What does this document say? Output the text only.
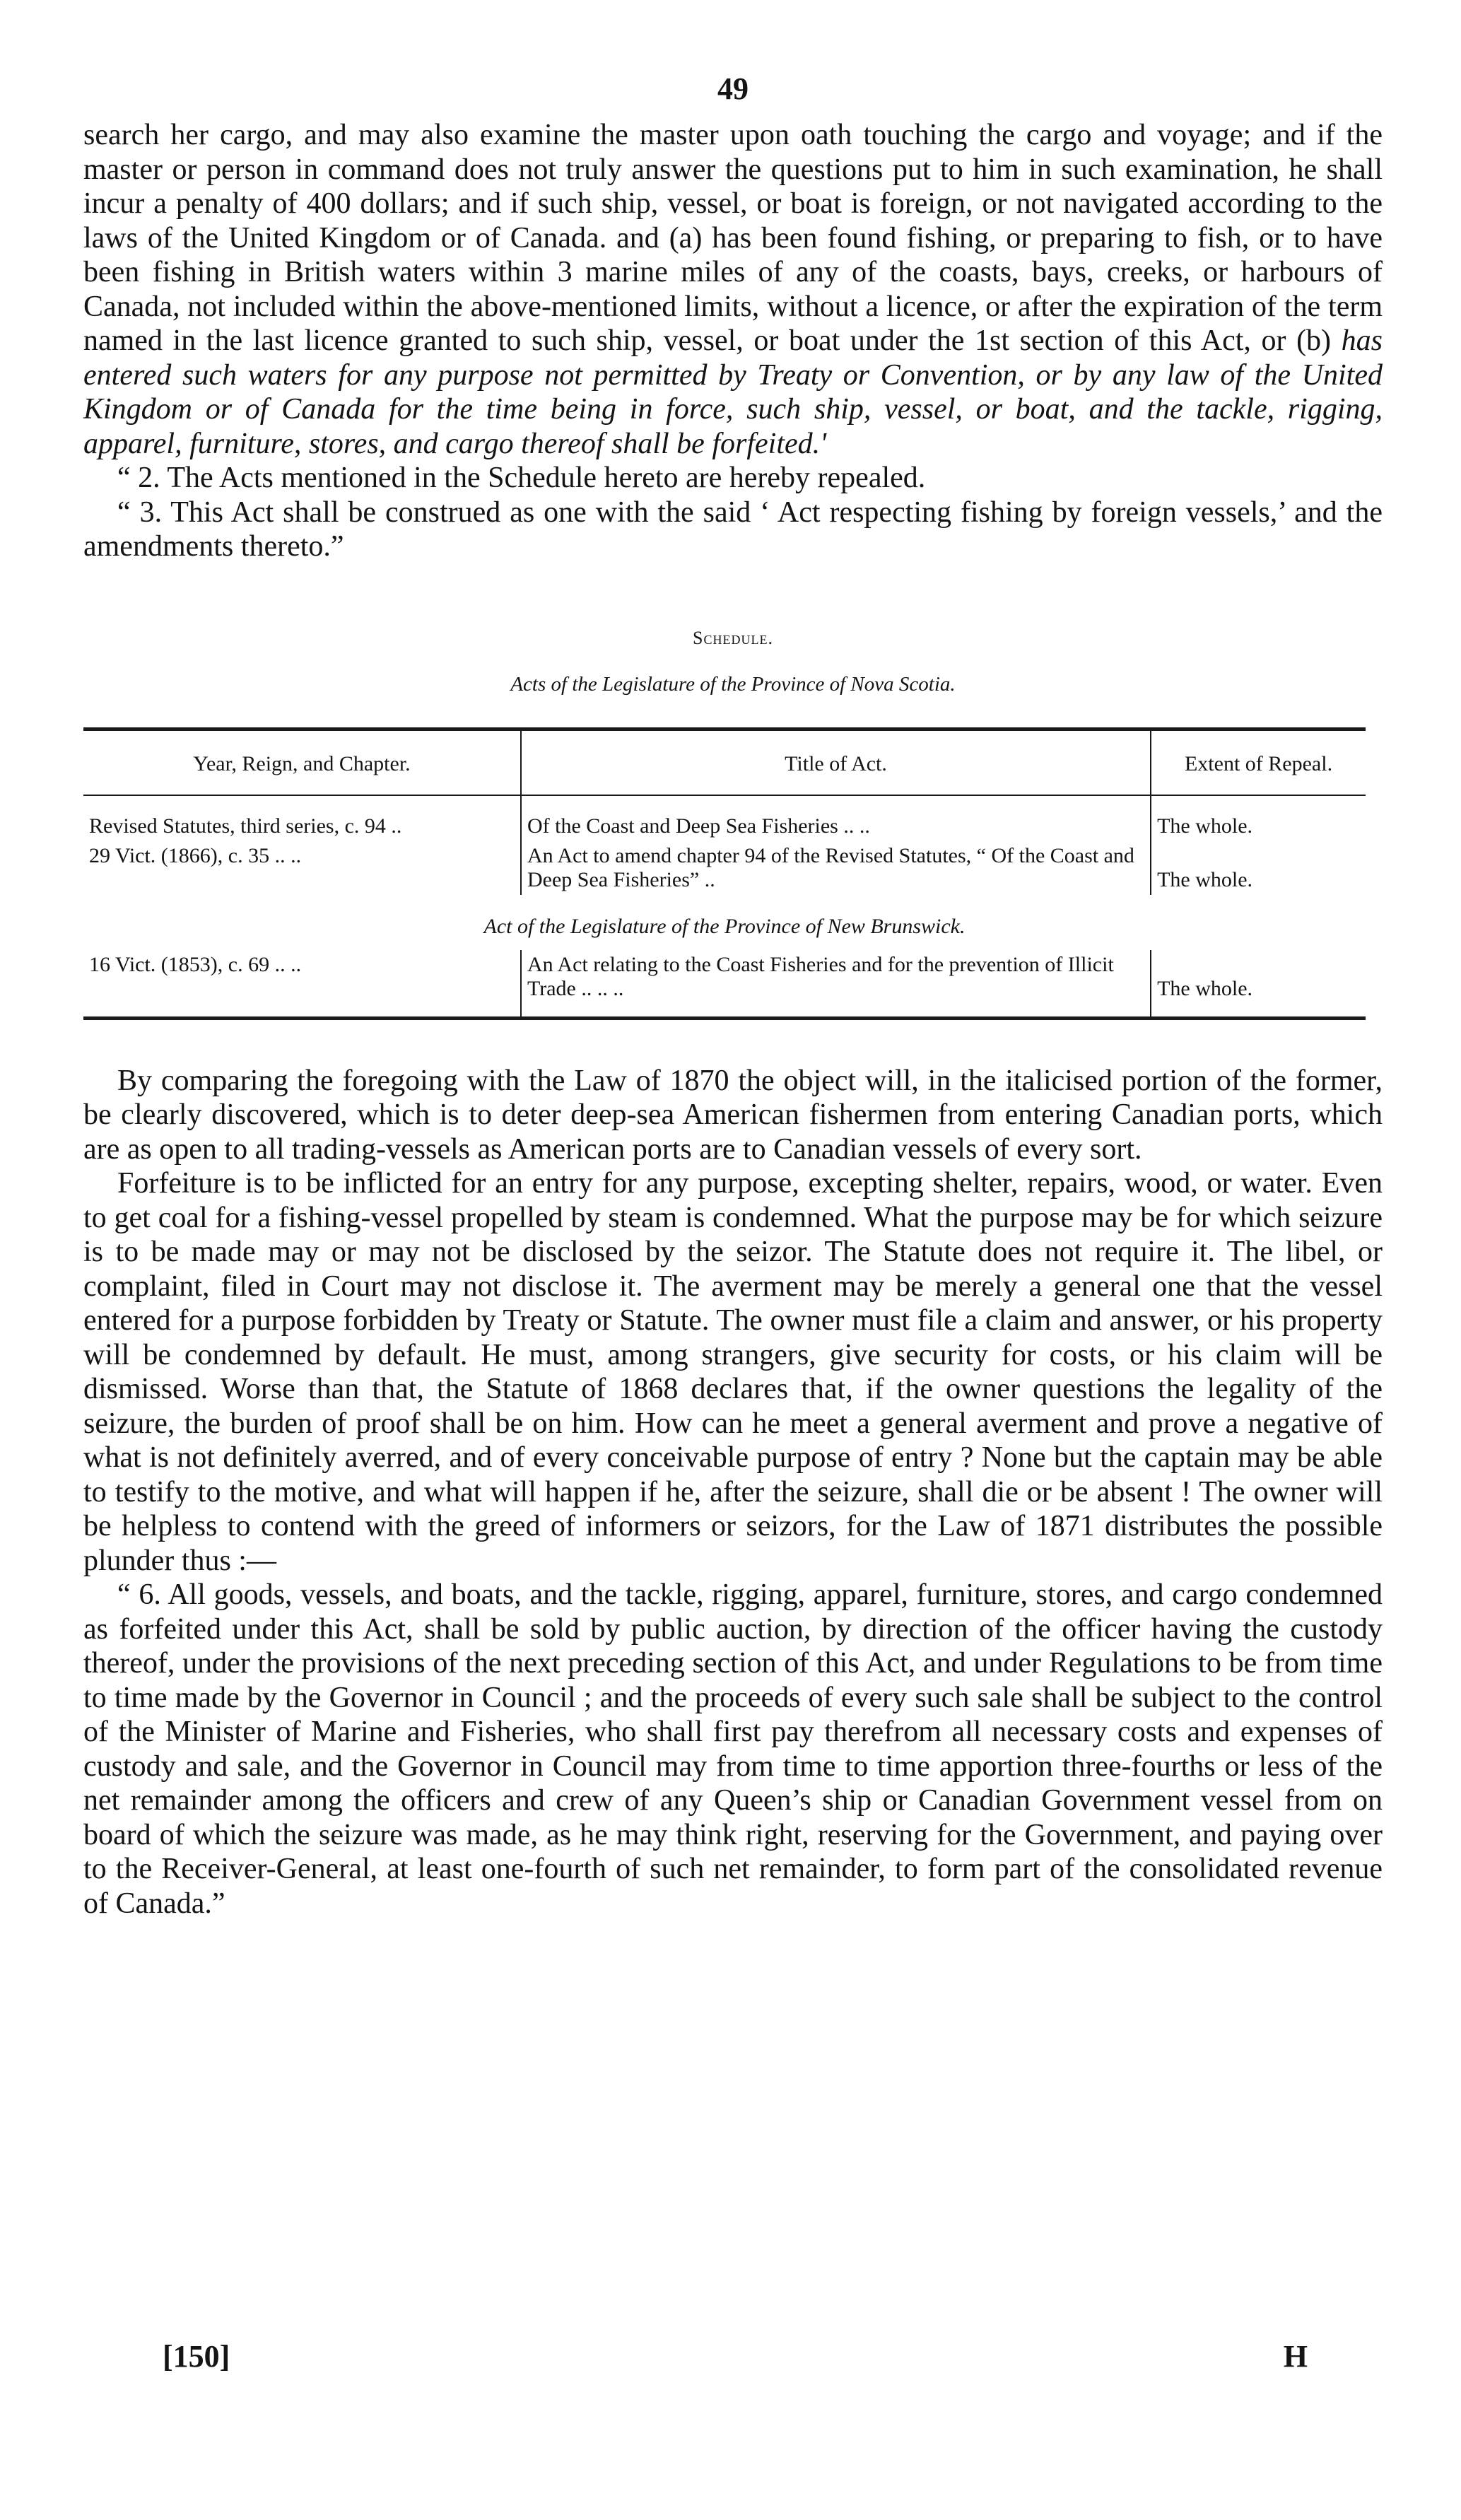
49

search her cargo, and may also examine the master upon oath touching the cargo and voyage; and if the master or person in command does not truly answer the questions put to him in such examination, he shall incur a penalty of 400 dollars; and if such ship, vessel, or boat is foreign, or not navigated according to the laws of the United Kingdom or of Canada. and (a) has been found fishing, or preparing to fish, or to have been fishing in British waters within 3 marine miles of any of the coasts, bays, creeks, or harbours of Canada, not included within the above-mentioned limits, without a licence, or after the expiration of the term named in the last licence granted to such ship, vessel, or boat under the 1st section of this Act, or (b) has entered such waters for any purpose not permitted by Treaty or Convention, or by any law of the United Kingdom or of Canada for the time being in force, such ship, vessel, or boat, and the tackle, rigging, apparel, furniture, stores, and cargo thereof shall be forfeited.'

“ 2. The Acts mentioned in the Schedule hereto are hereby repealed.

“ 3. This Act shall be construed as one with the said ‘ Act respecting fishing by foreign vessels,’ and the amendments thereto.”

Schedule.
Acts of the Legislature of the Province of Nova Scotia.
Year, Reign, and Chapter.	Title of Act.	Extent of Repeal.
Revised Statutes, third series, c. 94 ..	Of the Coast and Deep Sea Fisheries .. ..	The whole.
29 Vict. (1866), c. 35 .. ..	An Act to amend chapter 94 of the Revised Statutes, “ Of the Coast and Deep Sea Fisheries” ..	The whole.
Act of the Legislature of the Province of New Brunswick.		
16 Vict. (1853), c. 69 .. ..	An Act relating to the Coast Fisheries and for the prevention of Illicit Trade .. .. ..	The whole.

By comparing the foregoing with the Law of 1870 the object will, in the italicised portion of the former, be clearly discovered, which is to deter deep-sea American fishermen from entering Canadian ports, which are as open to all trading-vessels as American ports are to Canadian vessels of every sort.

Forfeiture is to be inflicted for an entry for any purpose, excepting shelter, repairs, wood, or water. Even to get coal for a fishing-vessel propelled by steam is condemned. What the purpose may be for which seizure is to be made may or may not be disclosed by the seizor. The Statute does not require it. The libel, or complaint, filed in Court may not disclose it. The averment may be merely a general one that the vessel entered for a purpose forbidden by Treaty or Statute. The owner must file a claim and answer, or his property will be condemned by default. He must, among strangers, give security for costs, or his claim will be dismissed. Worse than that, the Statute of 1868 declares that, if the owner questions the legality of the seizure, the burden of proof shall be on him. How can he meet a general averment and prove a negative of what is not definitely averred, and of every conceivable purpose of entry ? None but the captain may be able to testify to the motive, and what will happen if he, after the seizure, shall die or be absent ! The owner will be helpless to contend with the greed of informers or seizors, for the Law of 1871 distributes the possible plunder thus :—

“ 6. All goods, vessels, and boats, and the tackle, rigging, apparel, furniture, stores, and cargo condemned as forfeited under this Act, shall be sold by public auction, by direction of the officer having the custody thereof, under the provisions of the next preceding section of this Act, and under Regulations to be from time to time made by the Governor in Council ; and the proceeds of every such sale shall be subject to the control of the Minister of Marine and Fisheries, who shall first pay therefrom all necessary costs and expenses of custody and sale, and the Governor in Council may from time to time apportion three-fourths or less of the net remainder among the officers and crew of any Queen’s ship or Canadian Government vessel from on board of which the seizure was made, as he may think right, reserving for the Government, and paying over to the Receiver-General, at least one-fourth of such net remainder, to form part of the consolidated revenue of Canada.”

[150]	H
